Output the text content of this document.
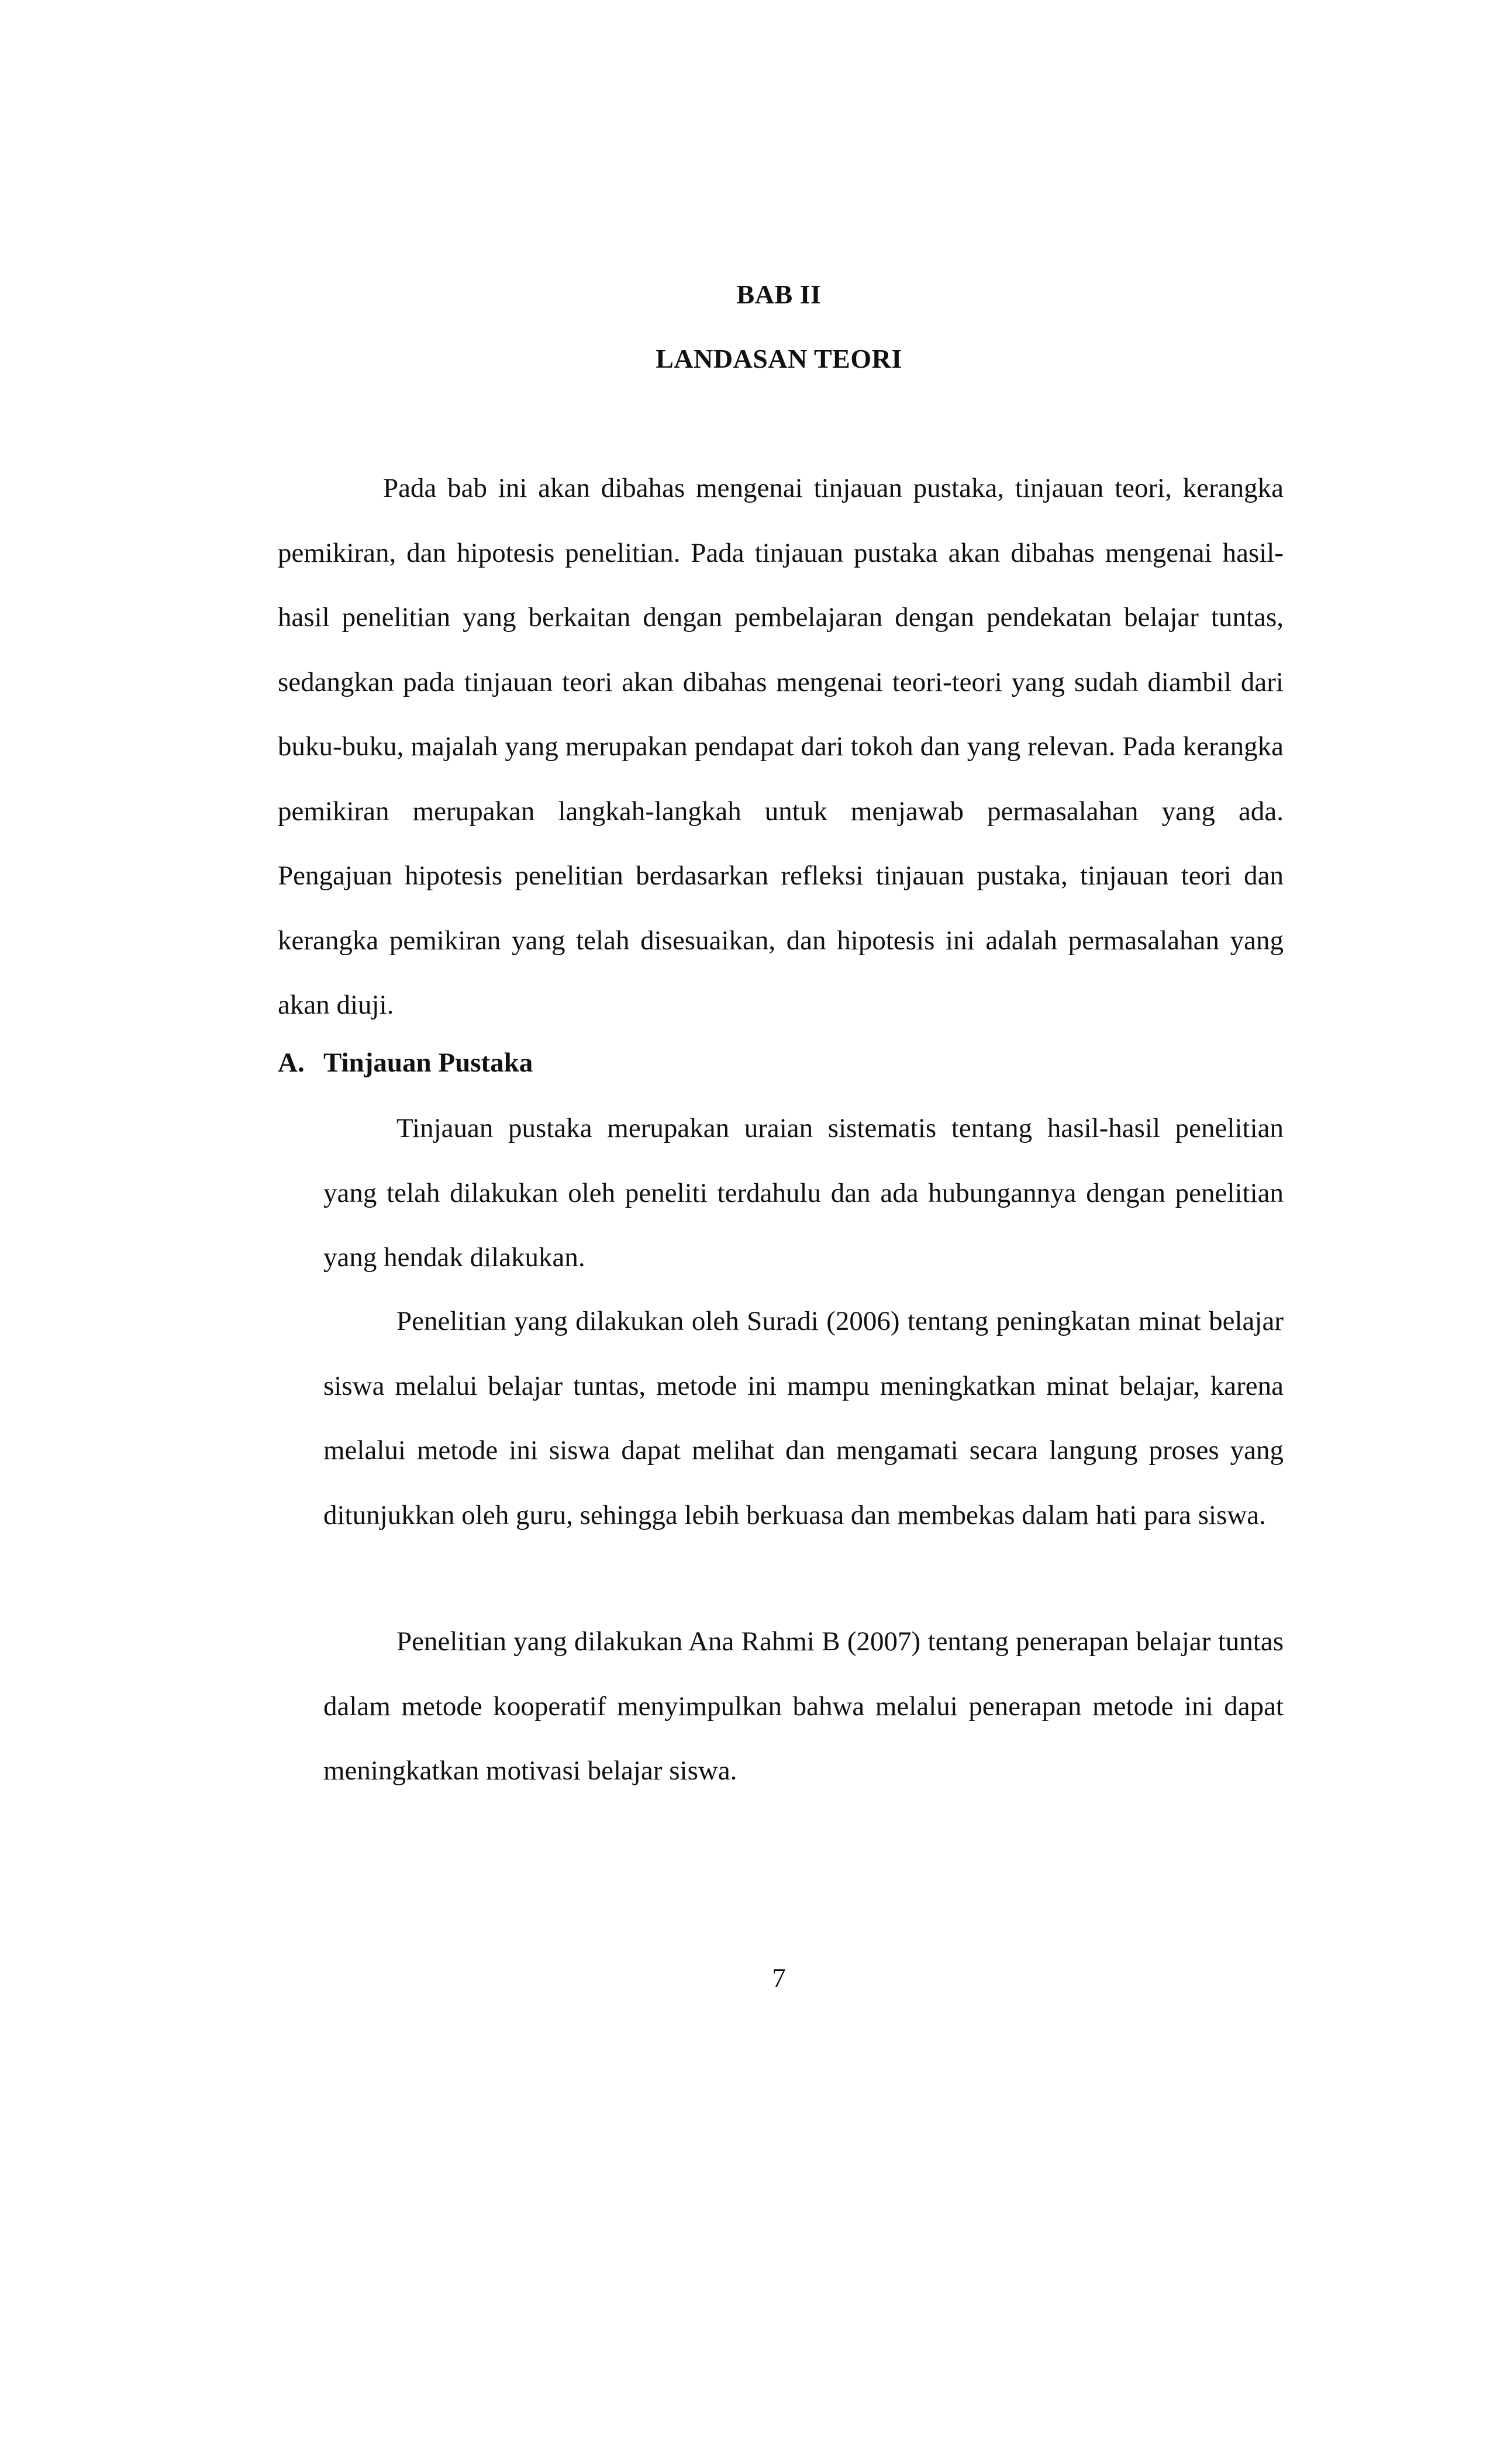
BAB II
LANDASAN TEORI

Pada bab ini akan dibahas mengenai tinjauan pustaka, tinjauan teori, kerangka pemikiran, dan hipotesis penelitian. Pada tinjauan pustaka akan dibahas mengenai hasil-hasil penelitian yang berkaitan dengan pembelajaran dengan pendekatan belajar tuntas, sedangkan pada tinjauan teori akan dibahas mengenai teori-teori yang sudah diambil dari buku-buku, majalah yang merupakan pendapat dari tokoh dan yang relevan. Pada kerangka pemikiran merupakan langkah-langkah untuk menjawab permasalahan yang ada. Pengajuan hipotesis penelitian berdasarkan refleksi tinjauan pustaka, tinjauan teori dan kerangka pemikiran yang telah disesuaikan, dan hipotesis ini adalah permasalahan yang akan diuji.

A. Tinjauan Pustaka

Tinjauan pustaka merupakan uraian sistematis tentang hasil-hasil penelitian yang telah dilakukan oleh peneliti terdahulu dan ada hubungannya dengan penelitian yang hendak dilakukan.

Penelitian yang dilakukan oleh Suradi (2006) tentang peningkatan minat belajar siswa melalui belajar tuntas, metode ini mampu meningkatkan minat belajar, karena melalui metode ini siswa dapat melihat dan mengamati secara langung proses yang ditunjukkan oleh guru, sehingga lebih berkuasa dan membekas dalam hati para siswa.

Penelitian yang dilakukan Ana Rahmi B (2007) tentang penerapan belajar tuntas dalam metode kooperatif menyimpulkan bahwa melalui penerapan metode ini dapat meningkatkan motivasi belajar siswa.

7
